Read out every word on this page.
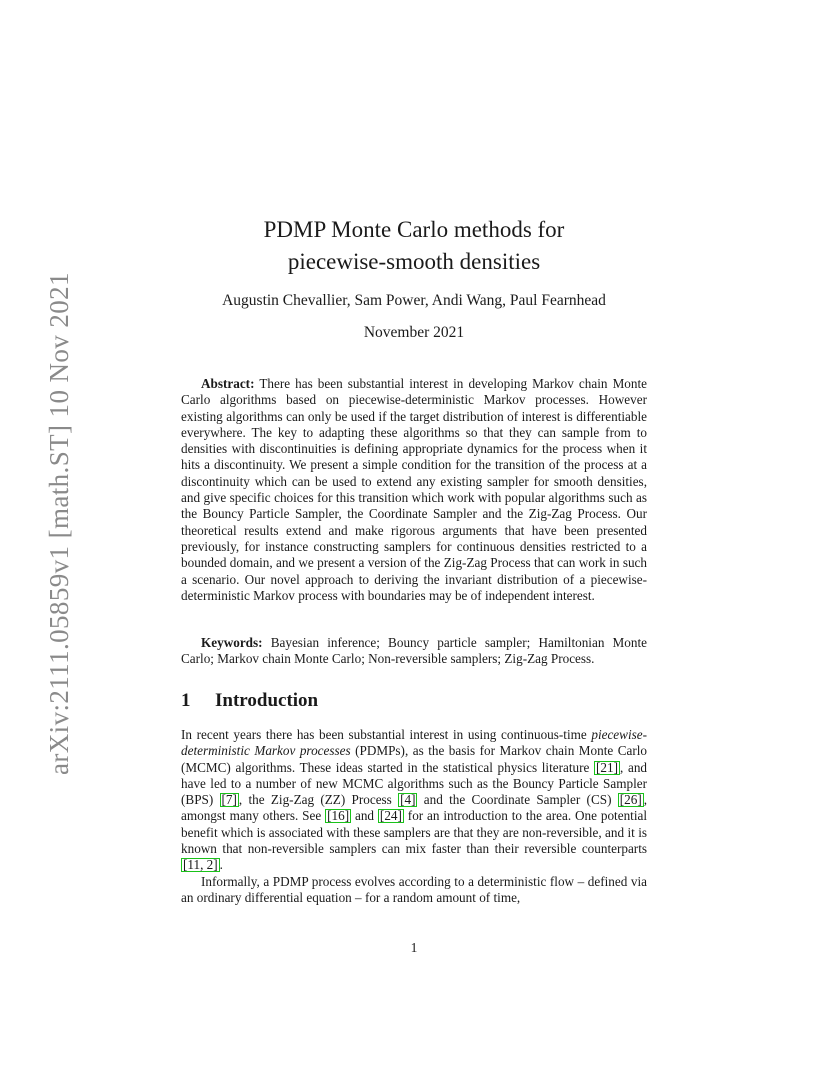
arXiv:2111.05859v1 [math.ST] 10 Nov 2021
PDMP Monte Carlo methods for
piecewise-smooth densities
Augustin Chevallier, Sam Power, Andi Wang, Paul Fearnhead
November 2021
Abstract: There has been substantial interest in developing Markov chain Monte Carlo algorithms based on piecewise-deterministic Markov processes. However existing algorithms can only be used if the target distribution of interest is differentiable everywhere. The key to adapting these algorithms so that they can sample from to densities with discontinuities is defining appropriate dynamics for the process when it hits a discontinuity. We present a simple condition for the transition of the process at a discontinuity which can be used to extend any existing sampler for smooth densities, and give specific choices for this transition which work with popular algorithms such as the Bouncy Particle Sampler, the Coordinate Sampler and the Zig-Zag Process. Our theoretical results extend and make rigorous arguments that have been presented previously, for instance constructing samplers for continuous densities restricted to a bounded domain, and we present a version of the Zig-Zag Process that can work in such a scenario. Our novel approach to deriving the invariant distribution of a piecewise-deterministic Markov process with boundaries may be of independent interest.
Keywords: Bayesian inference; Bouncy particle sampler; Hamiltonian Monte Carlo; Markov chain Monte Carlo; Non-reversible samplers; Zig-Zag Process.
1 Introduction

In recent years there has been substantial interest in using continuous-time piecewise-deterministic Markov processes (PDMPs), as the basis for Markov chain Monte Carlo (MCMC) algorithms. These ideas started in the statistical physics literature [21] , and have led to a number of new MCMC algorithms such as the Bouncy Particle Sampler (BPS) [7] , the Zig-Zag (ZZ) Process [4] and the Coordinate Sampler (CS) [26] , amongst many others. See [16] and [24] for an introduction to the area. One potential benefit which is associated with these samplers are that they are non-reversible, and it is known that non-reversible samplers can mix faster than their reversible counterparts [11, 2] .

Informally, a PDMP process evolves according to a deterministic flow – defined via an ordinary differential equation – for a random amount of time,

1
